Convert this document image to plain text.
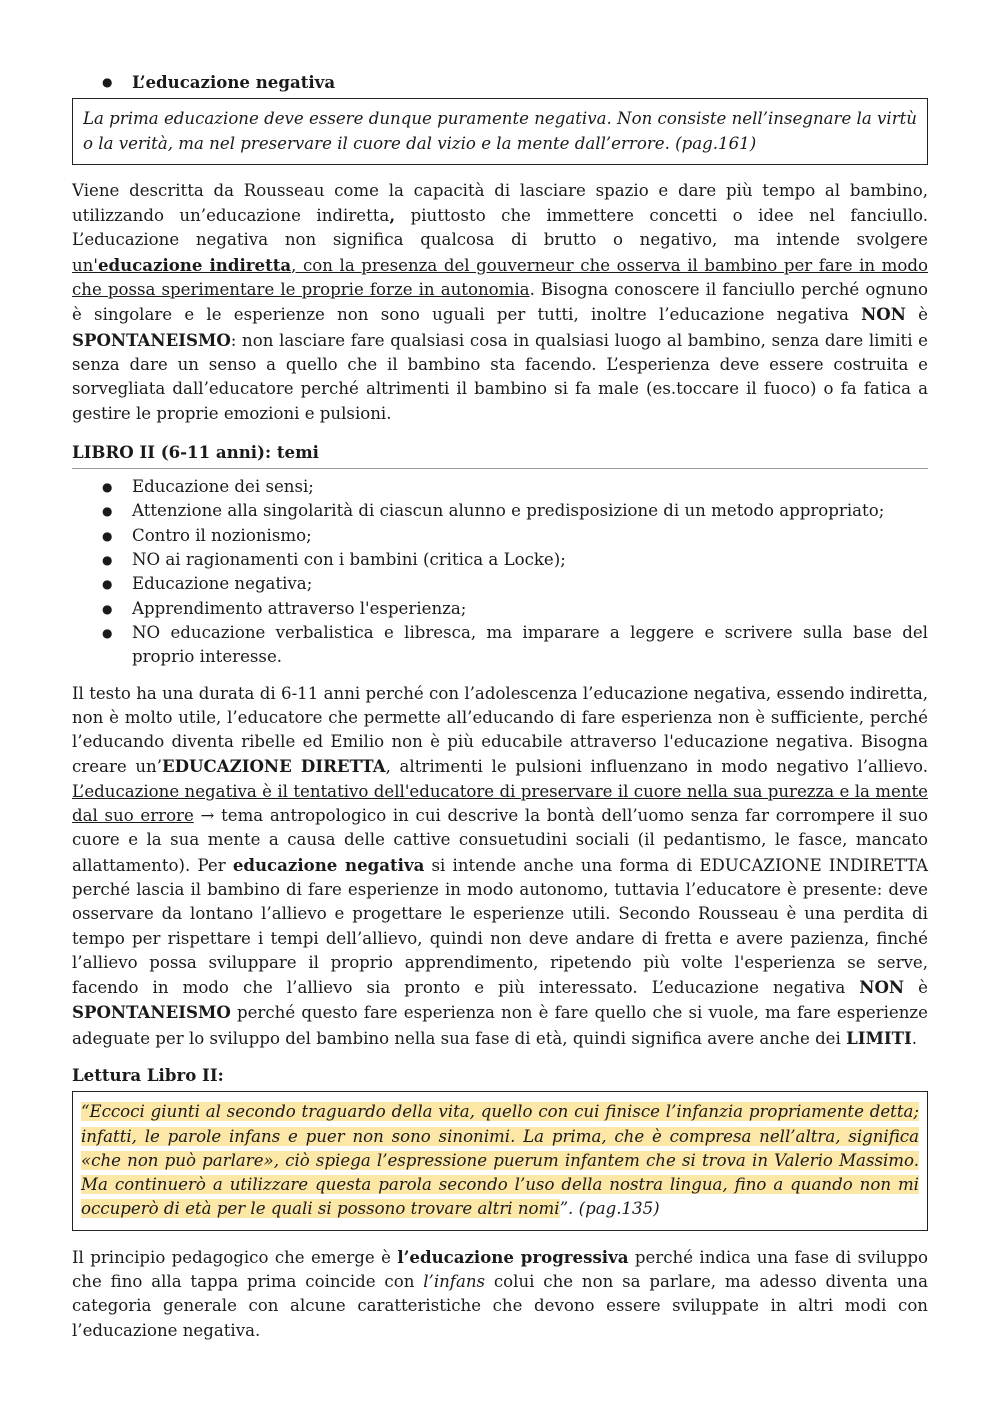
● L’educazione negativa

La prima educazione deve essere dunque puramente negativa. Non consiste nell’insegnare la virtù o la verità, ma nel preservare il cuore dal vizio e la mente dall’errore. (pag.161)

Viene descritta da Rousseau come la capacità di lasciare spazio e dare più tempo al bambino, utilizzando un’educazione indiretta, piuttosto che immettere concetti o idee nel fanciullo. L’educazione negativa non significa qualcosa di brutto o negativo, ma intende svolgere un'educazione indiretta, con la presenza del gouverneur che osserva il bambino per fare in modo che possa sperimentare le proprie forze in autonomia. Bisogna conoscere il fanciullo perché ognuno è singolare e le esperienze non sono uguali per tutti, inoltre l’educazione negativa NON è SPONTANEISMO: non lasciare fare qualsiasi cosa in qualsiasi luogo al bambino, senza dare limiti e senza dare un senso a quello che il bambino sta facendo. L’esperienza deve essere costruita e sorvegliata dall’educatore perché altrimenti il bambino si fa male (es.toccare il fuoco) o fa fatica a gestire le proprie emozioni e pulsioni.

LIBRO II (6-11 anni): temi
● Educazione dei sensi;
● Attenzione alla singolarità di ciascun alunno e predisposizione di un metodo appropriato;
● Contro il nozionismo;
● NO ai ragionamenti con i bambini (critica a Locke);
● Educazione negativa;
● Apprendimento attraverso l'esperienza;
● NO educazione verbalistica e libresca, ma imparare a leggere e scrivere sulla base del proprio interesse.

Il testo ha una durata di 6-11 anni perché con l’adolescenza l’educazione negativa, essendo indiretta, non è molto utile, l’educatore che permette all’educando di fare esperienza non è sufficiente, perché l’educando diventa ribelle ed Emilio non è più educabile attraverso l'educazione negativa. Bisogna creare un’EDUCAZIONE DIRETTA, altrimenti le pulsioni influenzano in modo negativo l’allievo. L’educazione negativa è il tentativo dell'educatore di preservare il cuore nella sua purezza e la mente dal suo errore → tema antropologico in cui descrive la bontà dell’uomo senza far corrompere il suo cuore e la sua mente a causa delle cattive consuetudini sociali (il pedantismo, le fasce, mancato allattamento). Per educazione negativa si intende anche una forma di EDUCAZIONE INDIRETTA perché lascia il bambino di fare esperienze in modo autonomo, tuttavia l’educatore è presente: deve osservare da lontano l’allievo e progettare le esperienze utili. Secondo Rousseau è una perdita di tempo per rispettare i tempi dell’allievo, quindi non deve andare di fretta e avere pazienza, finché l’allievo possa sviluppare il proprio apprendimento, ripetendo più volte l'esperienza se serve, facendo in modo che l’allievo sia pronto e più interessato. L’educazione negativa NON è SPONTANEISMO perché questo fare esperienza non è fare quello che si vuole, ma fare esperienze adeguate per lo sviluppo del bambino nella sua fase di età, quindi significa avere anche dei LIMITI.

Lettura Libro II:

“Eccoci giunti al secondo traguardo della vita, quello con cui finisce l’infanzia propriamente detta; infatti, le parole infans e puer non sono sinonimi. La prima, che è compresa nell’altra, significa «che non può parlare», ciò spiega l’espressione puerum infantem che si trova in Valerio Massimo. Ma continuerò a utilizzare questa parola secondo l’uso della nostra lingua, fino a quando non mi occuperò di età per le quali si possono trovare altri nomi”. (pag.135)

Il principio pedagogico che emerge è l’educazione progressiva perché indica una fase di sviluppo che fino alla tappa prima coincide con l’infans colui che non sa parlare, ma adesso diventa una categoria generale con alcune caratteristiche che devono essere sviluppate in altri modi con l’educazione negativa.
